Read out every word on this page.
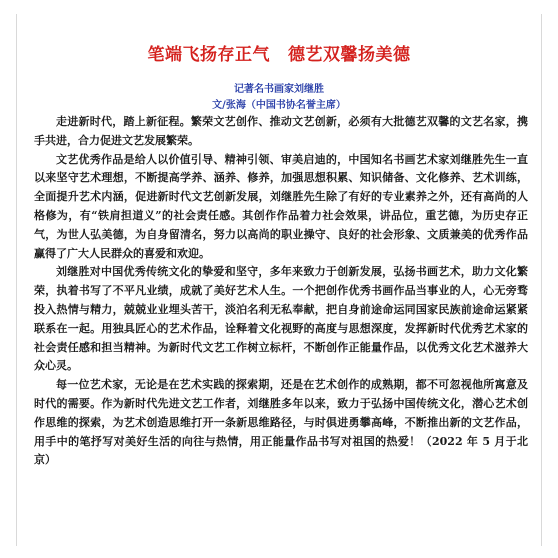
笔端飞扬存正气 德艺双馨扬美德
记著名书画家刘继胜
文/张海（中国书协名誉主席）

走进新时代，踏上新征程。繁荣文艺创作、推动文艺创新，必须有大批德艺双馨的文艺名家，携手共进，合力促进文艺发展繁荣。

文艺优秀作品是给人以价值引导、精神引领、审美启迪的，中国知名书画艺术家刘继胜先生一直以来坚守艺术理想，不断提高学养、涵养、修养，加强思想积累、知识储备、文化修养、艺术训练，全面提升艺术内涵，促进新时代文艺创新发展，刘继胜先生除了有好的专业素养之外，还有高尚的人格修为，有“铁肩担道义”的社会责任感。其创作作品着力社会效果，讲品位，重艺德，为历史存正气，为世人弘美德，为自身留清名，努力以高尚的职业操守、良好的社会形象、文质兼美的优秀作品赢得了广大人民群众的喜爱和欢迎。

刘继胜对中国优秀传统文化的挚爱和坚守，多年来致力于创新发展，弘扬书画艺术，助力文化繁荣，执着书写了不平凡业绩，成就了美好艺术人生。一个把创作优秀书画作品当事业的人，心无旁骛投入热情与精力，兢兢业业埋头苦干，淡泊名利无私奉献，把自身前途命运同国家民族前途命运紧紧联系在一起。用独具匠心的艺术作品，诠释着文化视野的高度与思想深度，发挥新时代优秀艺术家的社会责任感和担当精神。为新时代文艺工作树立标杆，不断创作正能量作品，以优秀文化艺术滋养大众心灵。

每一位艺术家，无论是在艺术实践的探索期，还是在艺术创作的成熟期，都不可忽视他所寓意及时代的需要。作为新时代先进文艺工作者，刘继胜多年以来，致力于弘扬中国传统文化，潜心艺术创作思维的探索，为艺术创造思维打开一条新思维路径，与时俱进勇攀高峰，不断推出新的文艺作品，用手中的笔抒写对美好生活的向往与热情，用正能量作品书写对祖国的热爱！（2022 年 5 月于北京）
